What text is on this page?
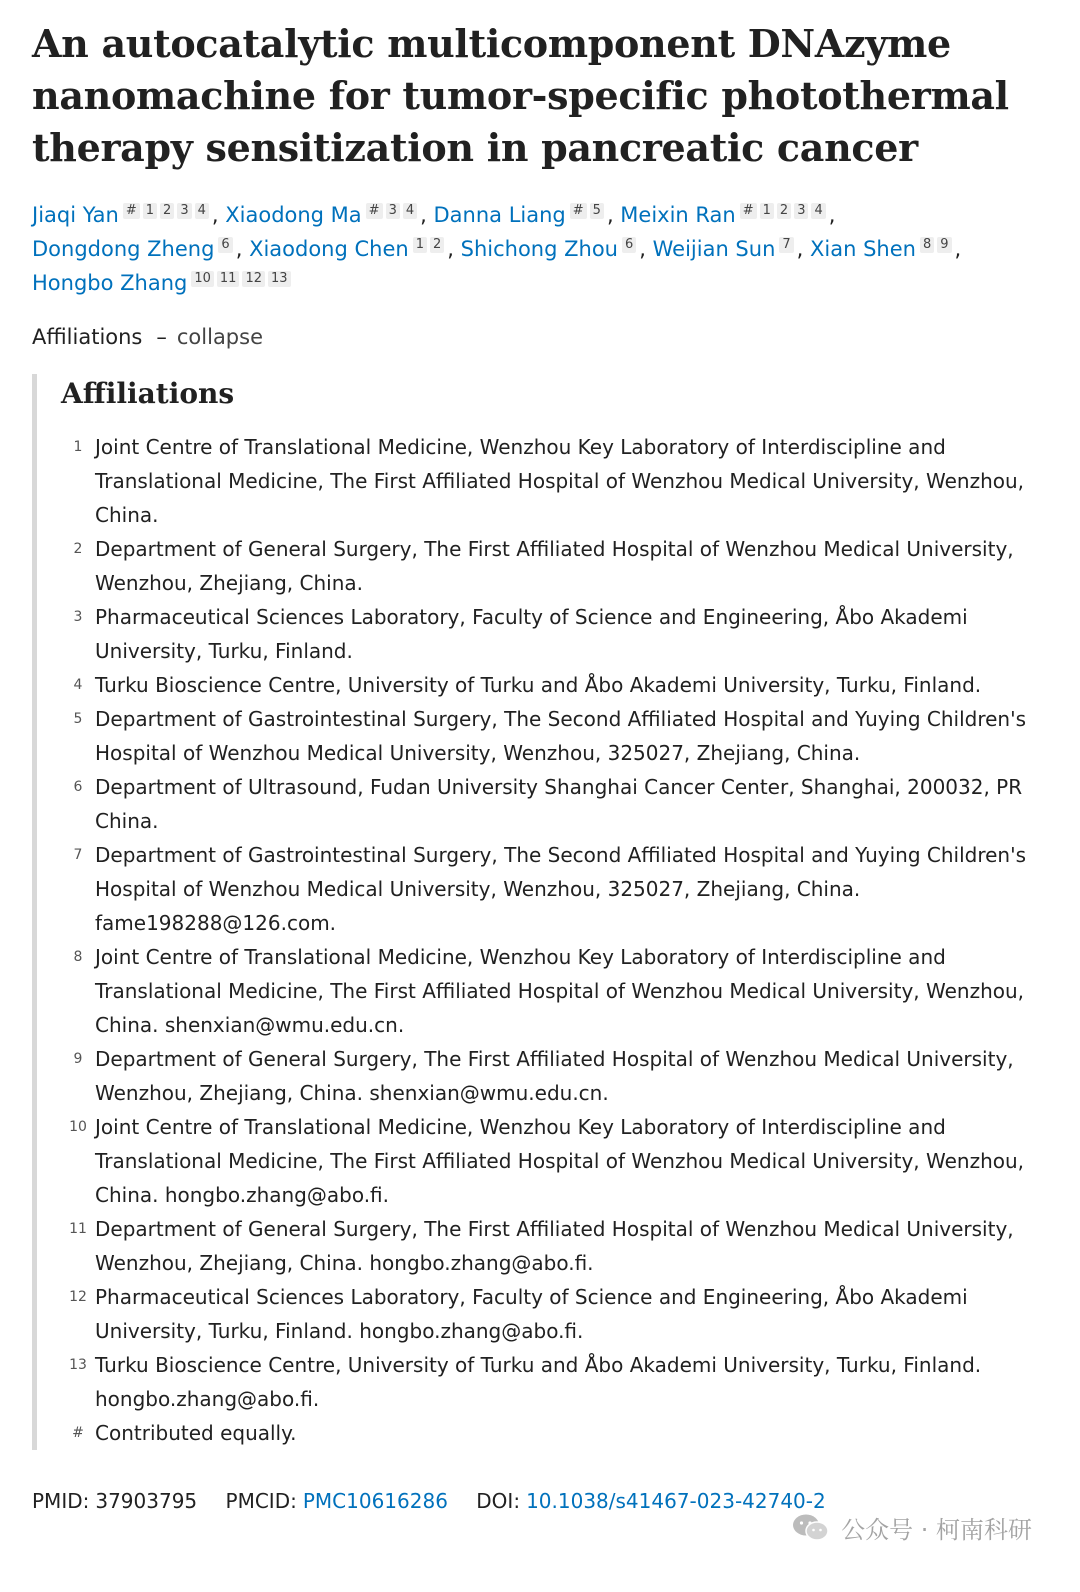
An autocatalytic multicomponent DNAzyme nanomachine for tumor-specific photothermal therapy sensitization in pancreatic cancer
Jiaqi Yan # 1 2 3 4 , Xiaodong Ma # 3 4 , Danna Liang # 5 , Meixin Ran # 1 2 3 4 , Dongdong Zheng 6 , Xiaodong Chen 1 2 , Shichong Zhou 6 , Weijian Sun 7 , Xian Shen 8 9 , Hongbo Zhang 10 11 12 13
Affiliations – collapse
Affiliations
1 Joint Centre of Translational Medicine, Wenzhou Key Laboratory of Interdiscipline and Translational Medicine, The First Affiliated Hospital of Wenzhou Medical University, Wenzhou, China.
2 Department of General Surgery, The First Affiliated Hospital of Wenzhou Medical University, Wenzhou, Zhejiang, China.
3 Pharmaceutical Sciences Laboratory, Faculty of Science and Engineering, Åbo Akademi University, Turku, Finland.
4 Turku Bioscience Centre, University of Turku and Åbo Akademi University, Turku, Finland.
5 Department of Gastrointestinal Surgery, The Second Affiliated Hospital and Yuying Children's Hospital of Wenzhou Medical University, Wenzhou, 325027, Zhejiang, China.
6 Department of Ultrasound, Fudan University Shanghai Cancer Center, Shanghai, 200032, PR China.
7 Department of Gastrointestinal Surgery, The Second Affiliated Hospital and Yuying Children's Hospital of Wenzhou Medical University, Wenzhou, 325027, Zhejiang, China. fame198288@126.com.
8 Joint Centre of Translational Medicine, Wenzhou Key Laboratory of Interdiscipline and Translational Medicine, The First Affiliated Hospital of Wenzhou Medical University, Wenzhou, China. shenxian@wmu.edu.cn.
9 Department of General Surgery, The First Affiliated Hospital of Wenzhou Medical University, Wenzhou, Zhejiang, China. shenxian@wmu.edu.cn.
10 Joint Centre of Translational Medicine, Wenzhou Key Laboratory of Interdiscipline and Translational Medicine, The First Affiliated Hospital of Wenzhou Medical University, Wenzhou, China. hongbo.zhang@abo.fi.
11 Department of General Surgery, The First Affiliated Hospital of Wenzhou Medical University, Wenzhou, Zhejiang, China. hongbo.zhang@abo.fi.
12 Pharmaceutical Sciences Laboratory, Faculty of Science and Engineering, Åbo Akademi University, Turku, Finland. hongbo.zhang@abo.fi.
13 Turku Bioscience Centre, University of Turku and Åbo Akademi University, Turku, Finland. hongbo.zhang@abo.fi.
# Contributed equally.
PMID: 37903795 PMCID: PMC10616286 DOI: 10.1038/s41467-023-42740-2
公众号 · 柯南科研
